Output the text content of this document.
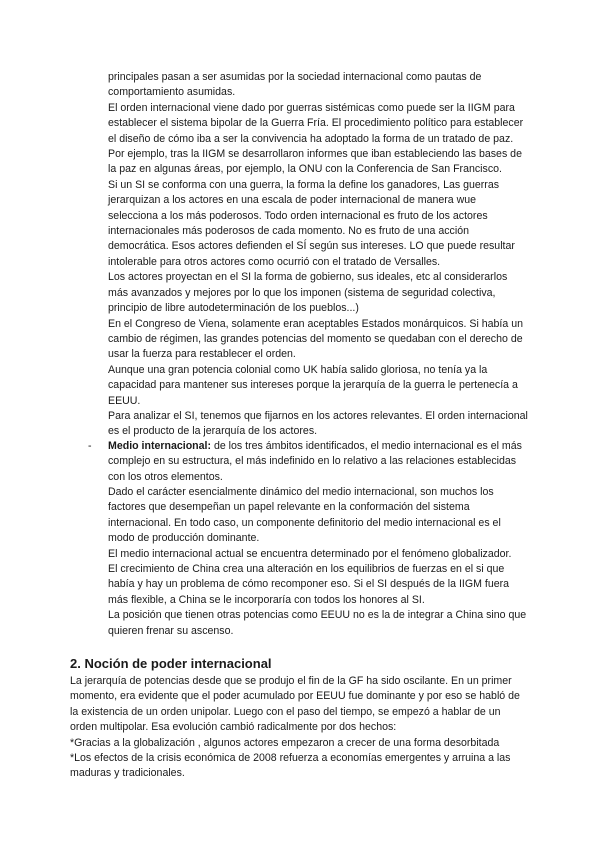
principales pasan a ser asumidas por la sociedad internacional como pautas de comportamiento asumidas.

El orden internacional viene dado por guerras sistémicas como puede ser la IIGM para establecer el sistema bipolar de la Guerra Fría. El procedimiento político para establecer el diseño de cómo iba a ser la convivencia ha adoptado la forma de un tratado de paz. Por ejemplo, tras la IIGM se desarrollaron informes que iban estableciendo las bases de la paz en algunas áreas, por ejemplo, la ONU con la Conferencia de San Francisco.

Si un SI se conforma con una guerra, la forma la define los ganadores, Las guerras jerarquizan a los actores en una escala de poder internacional de manera wue selecciona a los más poderosos. Todo orden internacional es fruto de los actores internacionales más poderosos de cada momento. No es fruto de una acción democrática. Esos actores defienden el SÍ según sus intereses. LO que puede resultar intolerable para otros actores como ocurrió con el tratado de Versalles.

Los actores proyectan en el SI la forma de gobierno, sus ideales, etc al considerarlos más avanzados y mejores por lo que los imponen (sistema de seguridad colectiva, principio de libre autodeterminación de los pueblos...)

En el Congreso de Viena, solamente eran aceptables Estados monárquicos. Si había un cambio de régimen, las grandes potencias del momento se quedaban con el derecho de usar la fuerza para restablecer el orden.

Aunque una gran potencia colonial como UK había salido gloriosa, no tenía ya la capacidad para mantener sus intereses porque la jerarquía de la guerra le pertenecía a EEUU.

Para analizar el SI, tenemos que fijarnos en los actores relevantes. El orden internacional es el producto de la jerarquía de los actores.

- Medio internacional: de los tres ámbitos identificados, el medio internacional es el más complejo en su estructura, el más indefinido en lo relativo a las relaciones establecidas con los otros elementos.

Dado el carácter esencialmente dinámico del medio internacional, son muchos los factores que desempeñan un papel relevante en la conformación del sistema internacional. En todo caso, un componente definitorio del medio internacional es el modo de producción dominante.

El medio internacional actual se encuentra determinado por el fenómeno globalizador.

El crecimiento de China crea una alteración en los equilibrios de fuerzas en el si que había y hay un problema de cómo recomponer eso. Si el SI después de la IIGM fuera más flexible, a China se le incorporaría con todos los honores al SI.

La posición que tienen otras potencias como EEUU no es la de integrar a China sino que quieren frenar su ascenso.

2. Noción de poder internacional

La jerarquía de potencias desde que se produjo el fin de la GF ha sido oscilante. En un primer momento, era evidente que el poder acumulado por EEUU fue dominante y por eso se habló de la existencia de un orden unipolar. Luego con el paso del tiempo, se empezó a hablar de un orden multipolar. Esa evolución cambió radicalmente por dos hechos:

*Gracias a la globalización , algunos actores empezaron a crecer de una forma desorbitada

*Los efectos de la crisis económica de 2008 refuerza a economías emergentes y arruina a las maduras y tradicionales.
